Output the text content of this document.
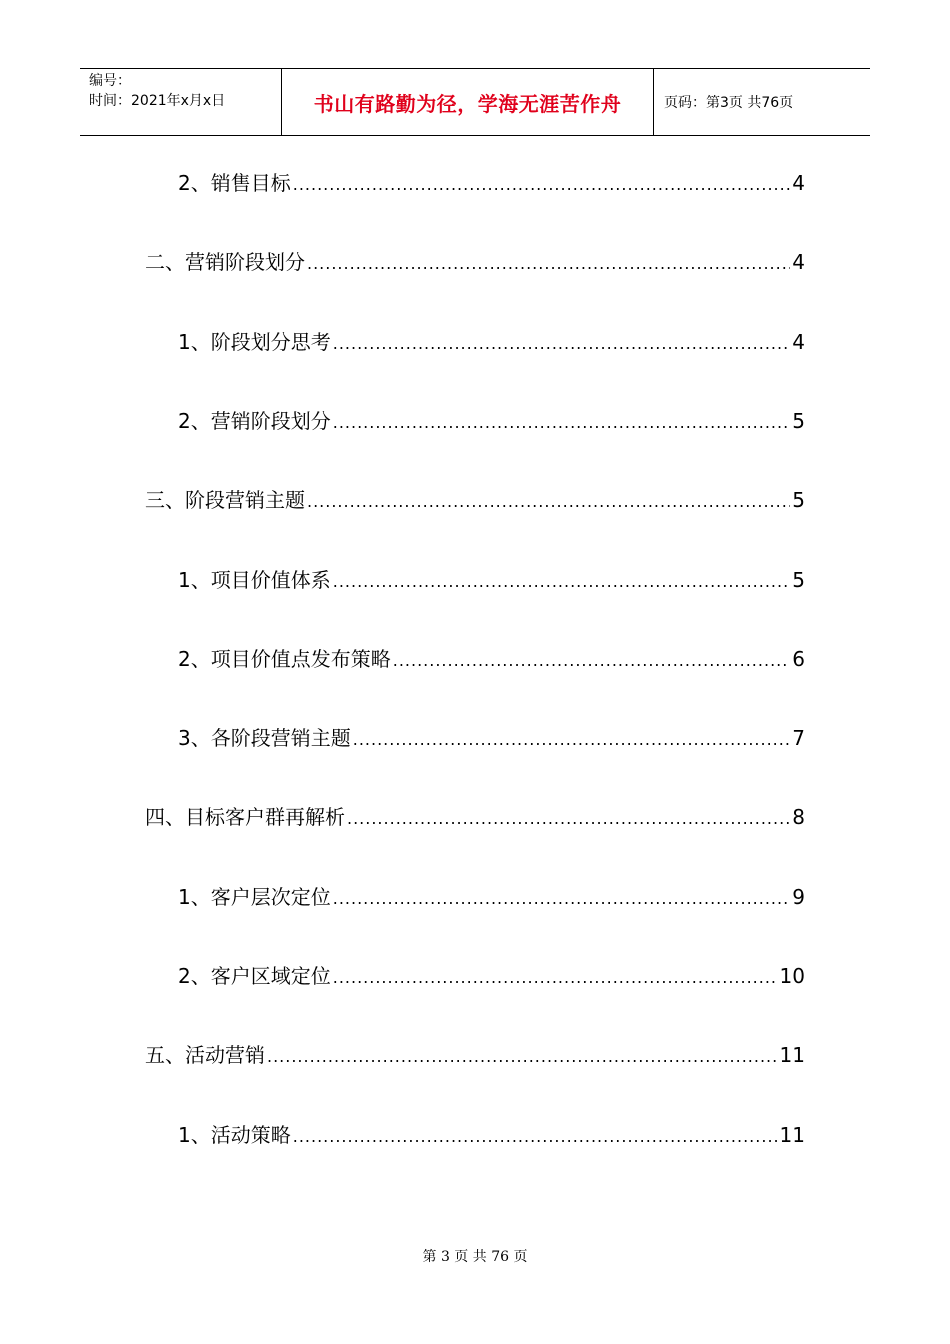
编号：
时间：2021年x月x日	书山有路勤为径，学海无涯苦作舟	页码：第3页 共76页
2、销售目标 .....	4
二、营销阶段划分 .....	4
1、阶段划分思考 .....	4
2、营销阶段划分 .....	5
三、阶段营销主题 .....	5
1、项目价值体系 .....	5
2、项目价值点发布策略 .....	6
3、各阶段营销主题 .....	7
四、目标客户群再解析 .....	8
1、客户层次定位 .....	9
2、客户区域定位 .....	10
五、活动营销 .....	11
1、活动策略 .....	11
第 3 页 共 76 页
